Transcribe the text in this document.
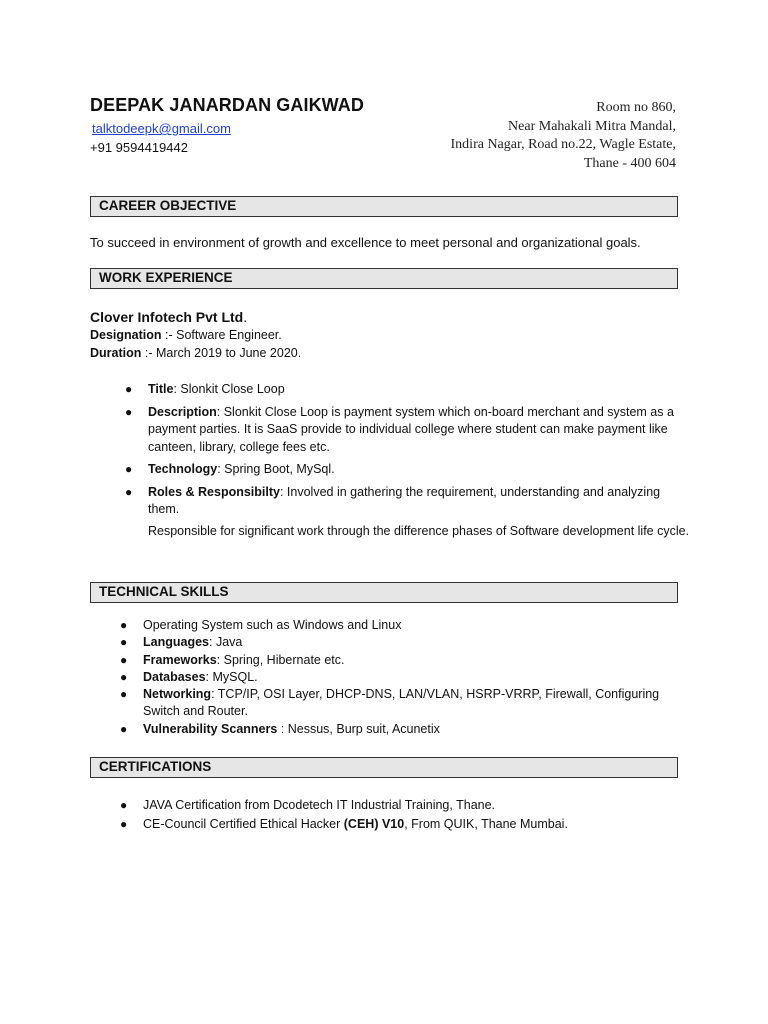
DEEPAK JANARDAN GAIKWAD
talktodeepk@gmail.com
+91 9594419442
Room no 860,
Near Mahakali Mitra Mandal,
Indira Nagar, Road no.22, Wagle Estate,
Thane - 400 604
CAREER OBJECTIVE
To succeed in environment of growth and excellence to meet personal and organizational goals.
WORK EXPERIENCE
Clover Infotech Pvt Ltd.
Designation :- Software Engineer.
Duration :- March 2019 to June 2020.
● Title: Slonkit Close Loop
● Description: Slonkit Close Loop is payment system which on-board merchant and system as a payment parties. It is SaaS provide to individual college where student can make payment like canteen, library, college fees etc.
● Technology: Spring Boot, MySql.
● Roles & Responsibilty: Involved in gathering the requirement, understanding and analyzing them.
Responsible for significant work through the difference phases of Software development life cycle.
TECHNICAL SKILLS
● Operating System such as Windows and Linux
● Languages: Java
● Frameworks: Spring, Hibernate etc.
● Databases: MySQL.
● Networking: TCP/IP, OSI Layer, DHCP-DNS, LAN/VLAN, HSRP-VRRP, Firewall, Configuring Switch and Router.
● Vulnerability Scanners : Nessus, Burp suit, Acunetix
CERTIFICATIONS
● JAVA Certification from Dcodetech IT Industrial Training, Thane.
● CE-Council Certified Ethical Hacker (CEH) V10, From QUIK, Thane Mumbai.
